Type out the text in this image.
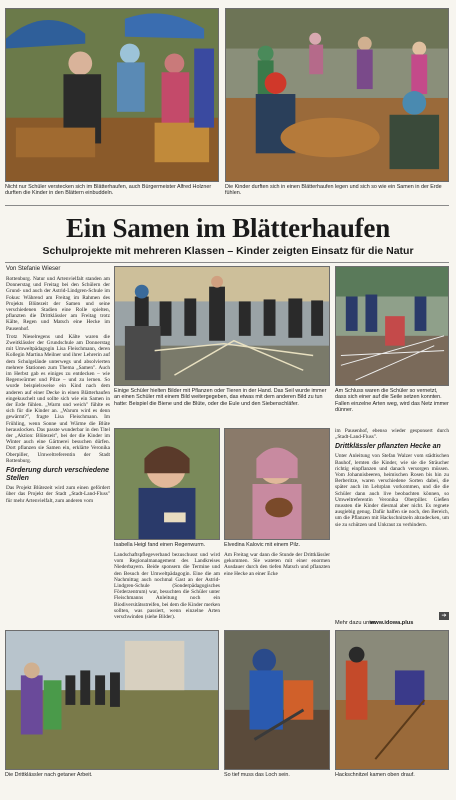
Nicht nur Schüler verstecken sich im Blätterhaufen, auch Bürgermeister Alfred Holzner durften die Kinder in den Blättern einbuddeln.
Die Kinder durften sich in einen Blätterhaufen legen und sich so wie ein Samen in der Erde fühlen.
Ein Samen im Blätterhaufen
Schulprojekte mit mehreren Klassen – Kinder zeigten Einsatz für die Natur
Von Stefanie Wieser

Rottenburg. Natur und Artenvielfalt standen am Donnerstag und Freitag bei den Schülern der Grund- und auch der Astrid-Lindgren-Schule im Fokus: Während am Freitag im Rahmen des Projekts Blütezeit der Samen und seine verschiedenen Stadien eine Rolle spielten, pflanzten die Drittklässler am Freitag trotz Kälte, Regen und Matsch eine Hecke im Pausenhof.

Trotz Nieselregens und Kälte waren die Zweitklässler der Grundschule am Donnerstag mit Umweltpädagogin Lisa Fleischmann, deren Kollegin Martina Meilner und ihrer Lehrerin auf dem Schulgelände unterwegs und absolvierten mehrere Stationen zum Thema „Samen". Auch im Herbst gab es einiges zu entdecken – wie Regenwürmer und Pilze – und zu lernen. So wurde beispielsweise ein Kind nach dem anderen auf einer Decke in einen Blätterhaufen eingekuschelt und sollte sich wie ein Samen in der Erde fühlen. „Warm und weich" fühlte es sich für die Kinder an. „Warum wird es denn gewärmt?", fragte Lisa Fleischmann. Im Frühling, wenn Sonne und Wärme die Blüte herauslocken. Das passte wunderbar in den Titel der „Aktion: Blütezeit", bei der die Kinder im Winter auch eine Gärtnerei besuchen dürfen. Dort pflanzen sie Samen ein, erklärte Veronika Oberpiller, Umweltreferentin der Stadt Rottenburg.

Förderung durch verschiedene Stellen

Das Projekt Blütezeit wird zum einen gefördert über das Projekt der Stadt „Stadt-Land-Fluss" für mehr Artenvielfalt, zum anderen vom

Einige Schüler hielten Bilder mit Pflanzen oder Tieren in der Hand. Das Seil wurde immer an einen Schüler mit einem Bild weitergegeben, das etwas mit dem anderen Bild zu tun hatte: Beispiel die Biene und die Blüte, oder die Eule und den Siebenschläfer.
Am Schluss waren die Schüler so vernetzt, dass sich einer auf die Seile setzen konnten. Fallen einzelne Arten weg, wird das Netz immer dünner.
Isabella Heigl fand einen Regenwurm.	Elvedina Kalovic mit einem Pilz.
Landschaftspflegeverband bezuschusst und wird vom Regionalmanagement des Landkreises Niederbayern. Beide sponsern die Termine und den Besuch der Umweltpädagogin. Eine die am Nachmittag auch nochmal Gast an der Astrid-Lindgren-Schule (Sonderpädagogisches Förderzentrum) war, besuchten die Schüler unter Fleischmanns Anleitung noch ein Biodiversitätsstreifen, bei dem die Kinder merken sollten, was passiert, wenn einzelne Arten verschwinden (siehe Bilder).
Am Freitag war dann die Stunde der Drittklässler gekommen. Sie wateten mit einer enormen Ausdauer durch den tiefen Matsch und pflanzten eine Hecke an einer Ecke

im Pausenhof, ebenso wieder gesponsert durch „Stadt-Land-Fluss".

Drittklässler pflanzten Hecke an

Unter Anleitung von Stefan Walzer vom städtischen Bauhof, lernten die Kinder, wie sie die Sträucher richtig einpflanzen und danach versorgen müssen. Vom Johannisbeeren, heimischen Rosen bis hin zu Berberitze, waren verschiedene Sorten dabei, die später auch im Lehrplan vorkommen, und die die Schüler dann auch live beobachten können, so Umweltreferentin Veronika Oberpiller. Gießen mussten die Kinder diesmal aber nicht. Es regnete ausgiebig genug. Dafür halfen sie noch, den Bereich, um die Pflanzen mit Hackschnitzeln abzudecken, um sie zu schützen und Unkraut zu verhindern.

➔
Mehr dazu unter
www.idowa.plus
Die Drittklässler nach getaner Arbeit.	So tief muss das Loch sein.	Hackschnitzel kamen oben drauf.
